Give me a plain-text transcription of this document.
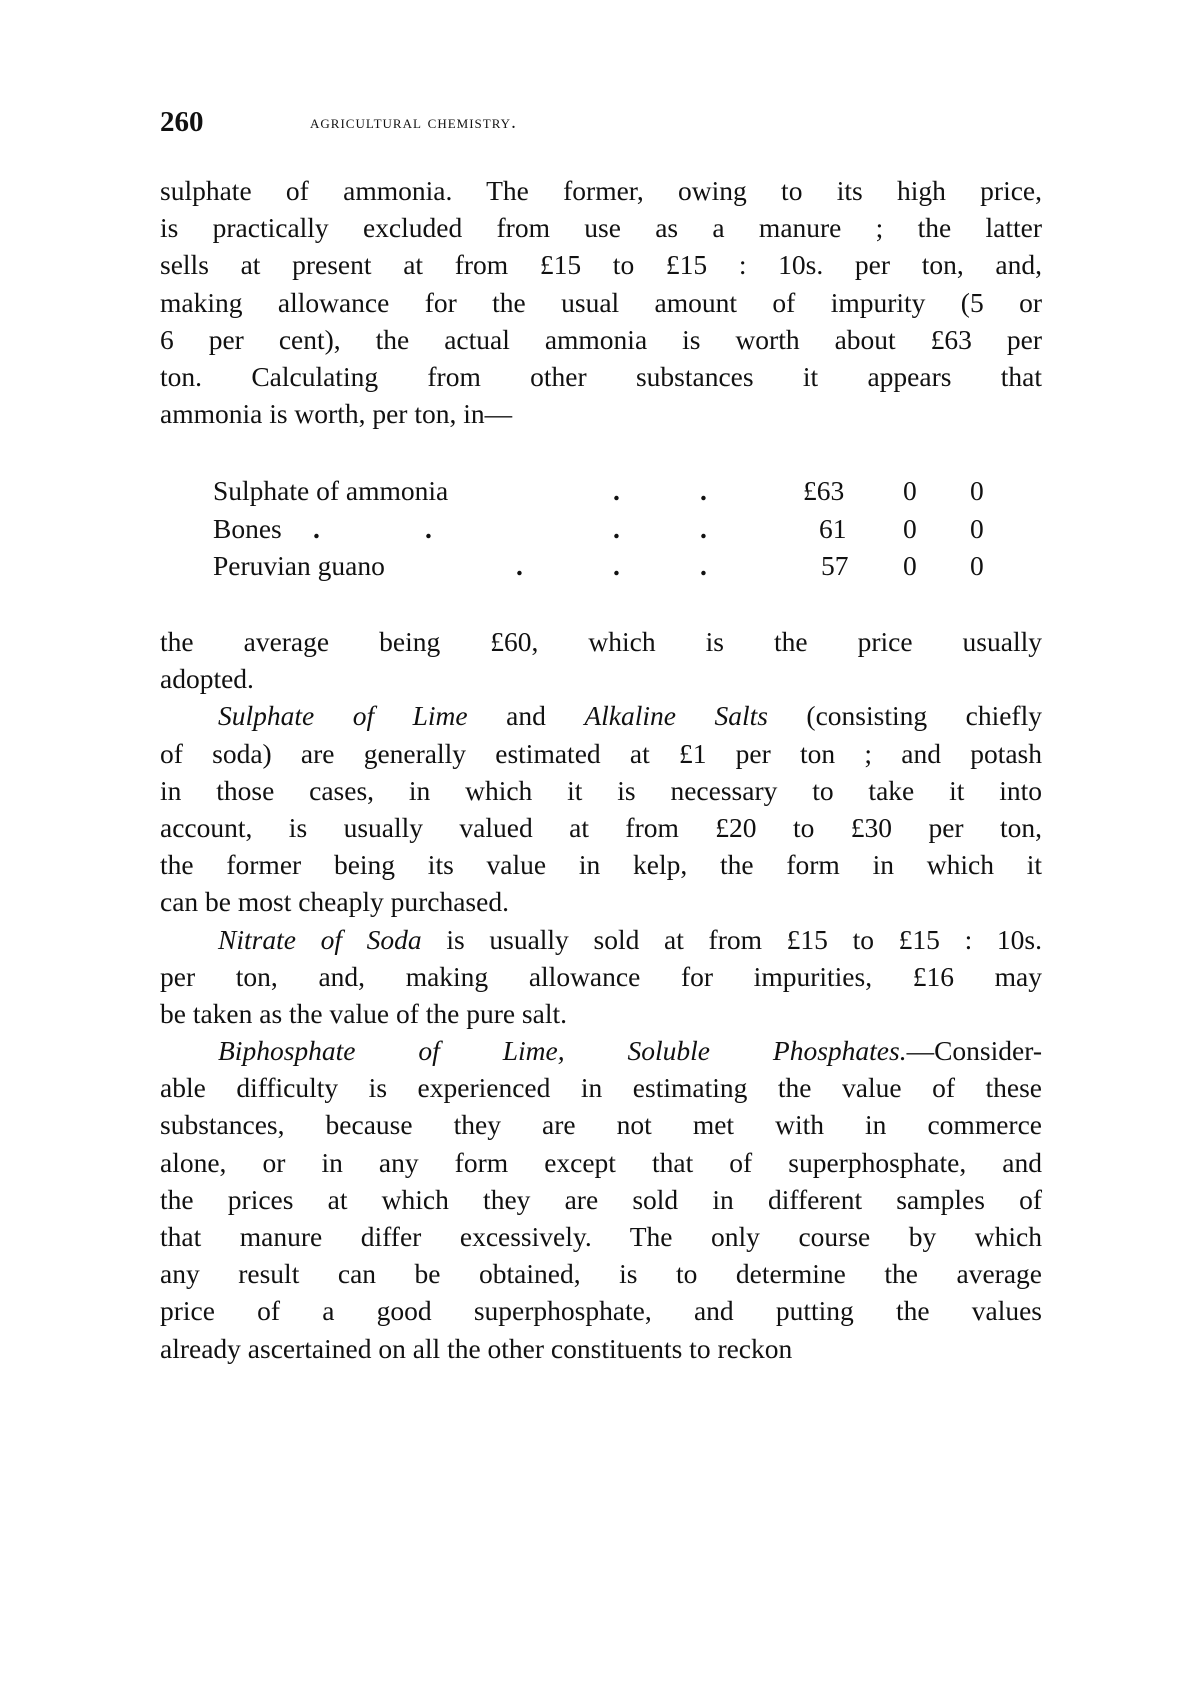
260	agricultural chemistry.
sulphate of ammonia. The former, owing to its high price,
is practically excluded from use as a manure ; the latter
sells at present at from £15 to £15 : 10s. per ton, and,
making allowance for the usual amount of impurity (5 or
6 per cent), the actual ammonia is worth about £63 per
ton. Calculating from other substances it appears that
ammonia is worth, per ton, in—
Sulphate of ammonia	.	.	£63 0 0
Bones .	.	.	.	61 0 0
Peruvian guano	.	.	.	57 0 0
the average being £60, which is the price usually
adopted.
Sulphate of Lime and Alkaline Salts (consisting chiefly
of soda) are generally estimated at £1 per ton ; and potash
in those cases, in which it is necessary to take it into
account, is usually valued at from £20 to £30 per ton,
the former being its value in kelp, the form in which it
can be most cheaply purchased.
Nitrate of Soda is usually sold at from £15 to £15 : 10s.
per ton, and, making allowance for impurities, £16 may
be taken as the value of the pure salt.
Biphosphate of Lime, Soluble Phosphates.—Consider-
able difficulty is experienced in estimating the value of these
substances, because they are not met with in commerce
alone, or in any form except that of superphosphate, and
the prices at which they are sold in different samples of
that manure differ excessively. The only course by which
any result can be obtained, is to determine the average
price of a good superphosphate, and putting the values
already ascertained on all the other constituents to reckon
